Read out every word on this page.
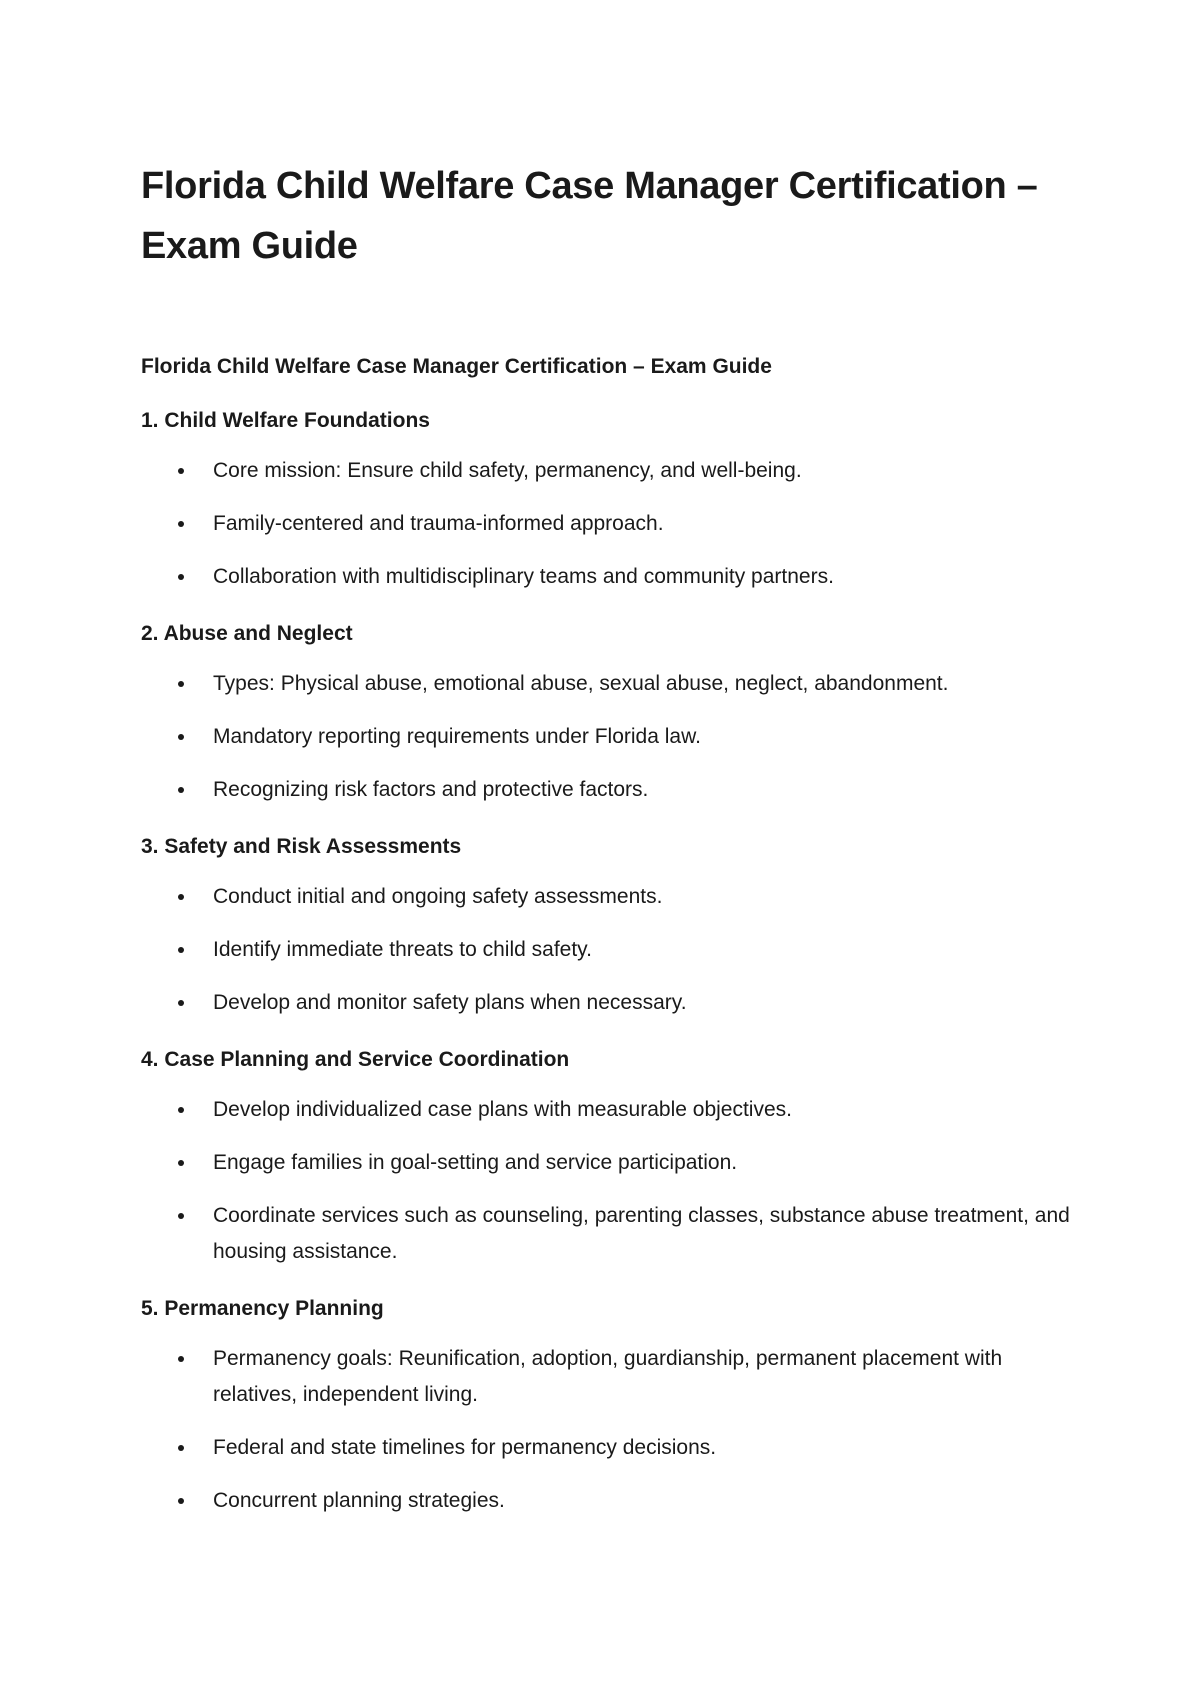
Florida Child Welfare Case Manager Certification – Exam Guide

Florida Child Welfare Case Manager Certification – Exam Guide

1. Child Welfare Foundations

Core mission: Ensure child safety, permanency, and well-being.
Family-centered and trauma-informed approach.
Collaboration with multidisciplinary teams and community partners.

2. Abuse and Neglect

Types: Physical abuse, emotional abuse, sexual abuse, neglect, abandonment.
Mandatory reporting requirements under Florida law.
Recognizing risk factors and protective factors.

3. Safety and Risk Assessments

Conduct initial and ongoing safety assessments.
Identify immediate threats to child safety.
Develop and monitor safety plans when necessary.

4. Case Planning and Service Coordination

Develop individualized case plans with measurable objectives.
Engage families in goal-setting and service participation.
Coordinate services such as counseling, parenting classes, substance abuse treatment, and housing assistance.

5. Permanency Planning

Permanency goals: Reunification, adoption, guardianship, permanent placement with relatives, independent living.
Federal and state timelines for permanency decisions.
Concurrent planning strategies.
